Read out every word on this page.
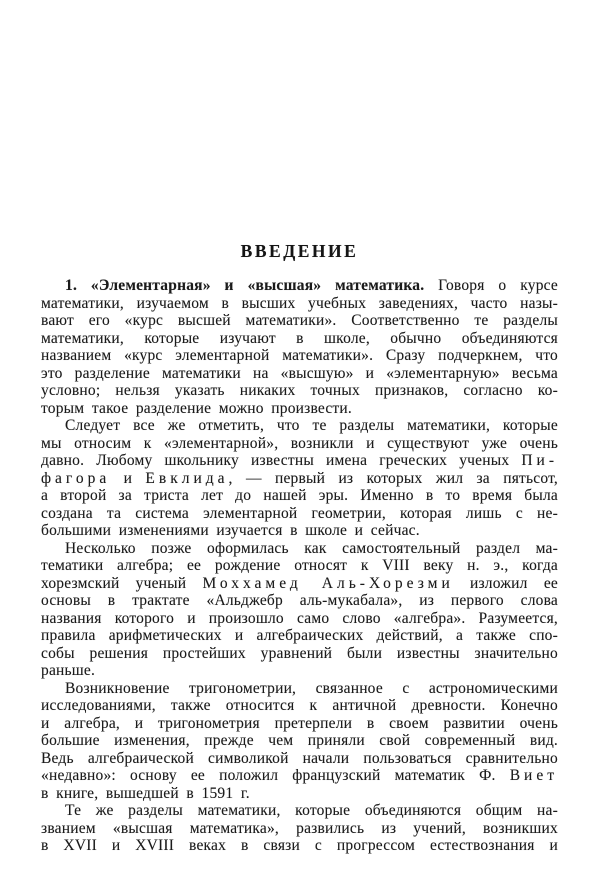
ВВЕДЕНИЕ
1. «Элементарная» и «высшая» математика. Говоря о курсе
математики, изучаемом в высших учебных заведениях, часто назы-
вают его «курс высшей математики». Соответственно те разделы
математики, которые изучают в школе, обычно объединяются
названием «курс элементарной математики». Сразу подчеркнем, что
это разделение математики на «высшую» и «элементарную» весьма
условно; нельзя указать никаких точных признаков, согласно ко-
торым такое разделение можно произвести.
Следует все же отметить, что те разделы математики, которые
мы относим к «элементарной», возникли и существуют уже очень
давно. Любому школьнику известны имена греческих ученых Пи-
фагора и Евклида, — первый из которых жил за пятьсот,
а второй за триста лет до нашей эры. Именно в то время была
создана та система элементарной геометрии, которая лишь с не-
большими изменениями изучается в школе и сейчас.
Несколько позже оформилась как самостоятельный раздел ма-
тематики алгебра; ее рождение относят к VIII веку н. э., когда
хорезмский ученый Моххамед Аль-Хорезми изложил ее
основы в трактате «Альджебр аль-мукабала», из первого слова
названия которого и произошло само слово «алгебра». Разумеется,
правила арифметических и алгебраических действий, а также спо-
собы решения простейших уравнений были известны значительно
раньше.
Возникновение тригонометрии, связанное с астрономическими
исследованиями, также относится к античной древности. Конечно
и алгебра, и тригонометрия претерпели в своем развитии очень
большие изменения, прежде чем приняли свой современный вид.
Ведь алгебраической символикой начали пользоваться сравнительно
«недавно»: основу ее положил французский математик Ф. Виет
в книге, вышедшей в 1591 г.
Те же разделы математики, которые объединяются общим на-
званием «высшая математика», развились из учений, возникших
в XVII и XVIII веках в связи с прогрессом естествознания и
